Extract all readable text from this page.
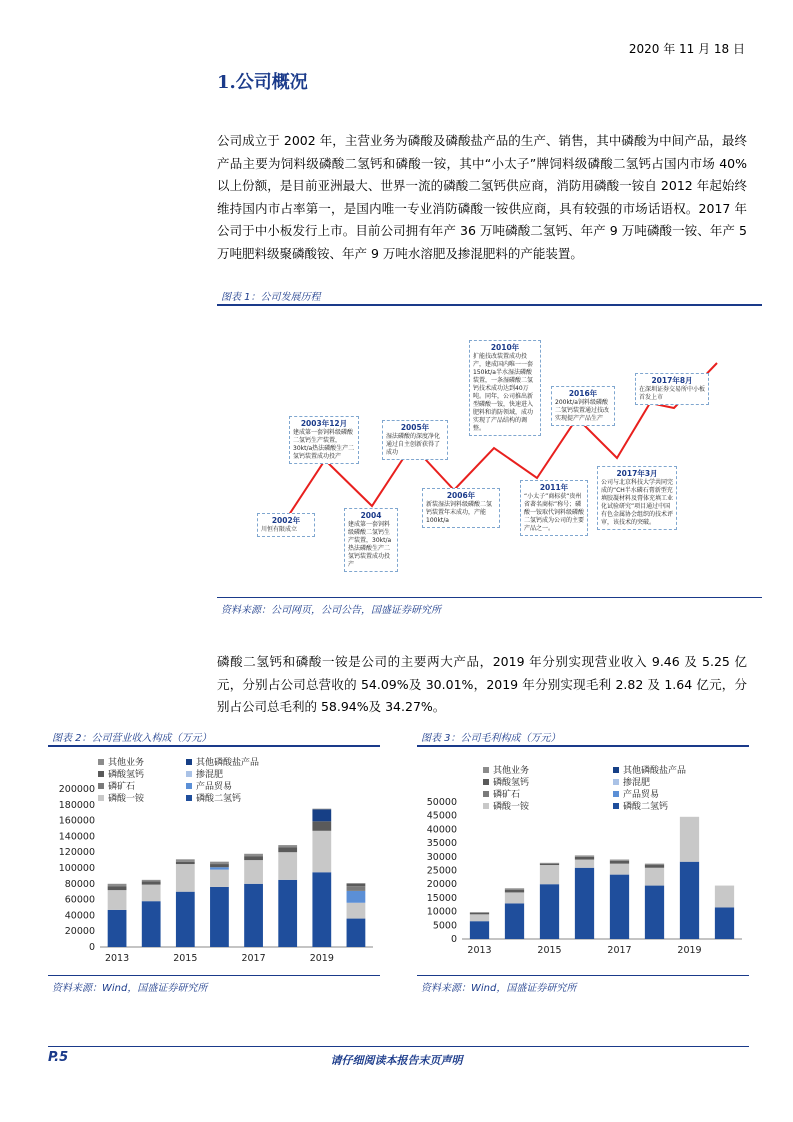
2020 年 11 月 18 日
1.公司概况
公司成立于 2002 年，主营业务为磷酸及磷酸盐产品的生产、销售，其中磷酸为中间产品，最终产品主要为饲料级磷酸二氢钙和磷酸一铵，其中“小太子”牌饲料级磷酸二氢钙占国内市场 40%以上份额，是目前亚洲最大、世界一流的磷酸二氢钙供应商，消防用磷酸一铵自 2012 年起始终维持国内市占率第一，是国内唯一专业消防磷酸一铵供应商，具有较强的市场话语权。2017 年公司于中小板发行上市。目前公司拥有年产 36 万吨磷酸二氢钙、年产 9 万吨磷酸一铵、年产 5 万吨肥料级聚磷酸铵、年产 9 万吨水溶肥及掺混肥料的产能装置。
图表 1：公司发展历程
2002年
川恒有限成立
2003年12月
建成第一套饲料级磷酸二氢钙生产装置，30kt/a热法磷酸生产二氢钙装置成功投产
2004
建成第一套饲料级磷酸二氢钙生产装置，30kt/a热法磷酸生产二氢钙装置成功投产
2005年
湿法磷酸的深度净化通过自主创新获得了成功
2006年
新装湿法饲料级磷酸二氢钙装置年末成功，产能100kt/a
2010年
扩能技改装置成功投产，建成国内唯一一套150kt/a半水湿法磷酸装置，一条湿磷酸二氢钙技术成功达到40万吨。同年，公司推出新型磷酸一铵，快速进入肥料和消防领域，成功实现了产品结构的调整。
2011年
“小太子”商标获“贵州省著名商标”称号；磷酸一铵取代饲料级磷酸二氢钙成为公司的主要产品之一。
2016年
200kt/a饲料级磷酸二氢钙装置通过技改实现提产产品生产
2017年3月
公司与北京科技大学共同完成的“CH半水磷石膏新型充填胶凝材料及膏体充填工业化试验研究”项目通过中国有色金属协会组织的技术评审，该技术的突破。
2017年8月
在深圳证券交易所中小板首发上市
资料来源：公司网页，公司公告，国盛证券研究所
磷酸二氢钙和磷酸一铵是公司的主要两大产品，2019 年分别实现营业收入 9.46 及 5.25 亿元，分别占公司总营收的 54.09%及 30.01%，2019 年分别实现毛利 2.82 及 1.64 亿元，分别占公司总毛利的 58.94%及 34.27%。
图表 2：公司营业收入构成（万元）
其他业务	其他磷酸盐产品
磷酸氢钙	掺混肥
磷矿石	产品贸易
磷酸一铵	磷酸二氢钙
0
20000
40000
60000
80000
100000
120000
140000
160000
180000
200000
2013	2015	2017	2019
资料来源：Wind，国盛证券研究所
图表 3：公司毛利构成（万元）
其他业务	其他磷酸盐产品
磷酸氢钙	掺混肥
磷矿石	产品贸易
磷酸一铵	磷酸二氢钙
0
5000
10000
15000
20000
25000
30000
35000
40000
45000
50000
2013	2015	2017	2019
资料来源：Wind，国盛证券研究所
P.5	请仔细阅读本报告末页声明
